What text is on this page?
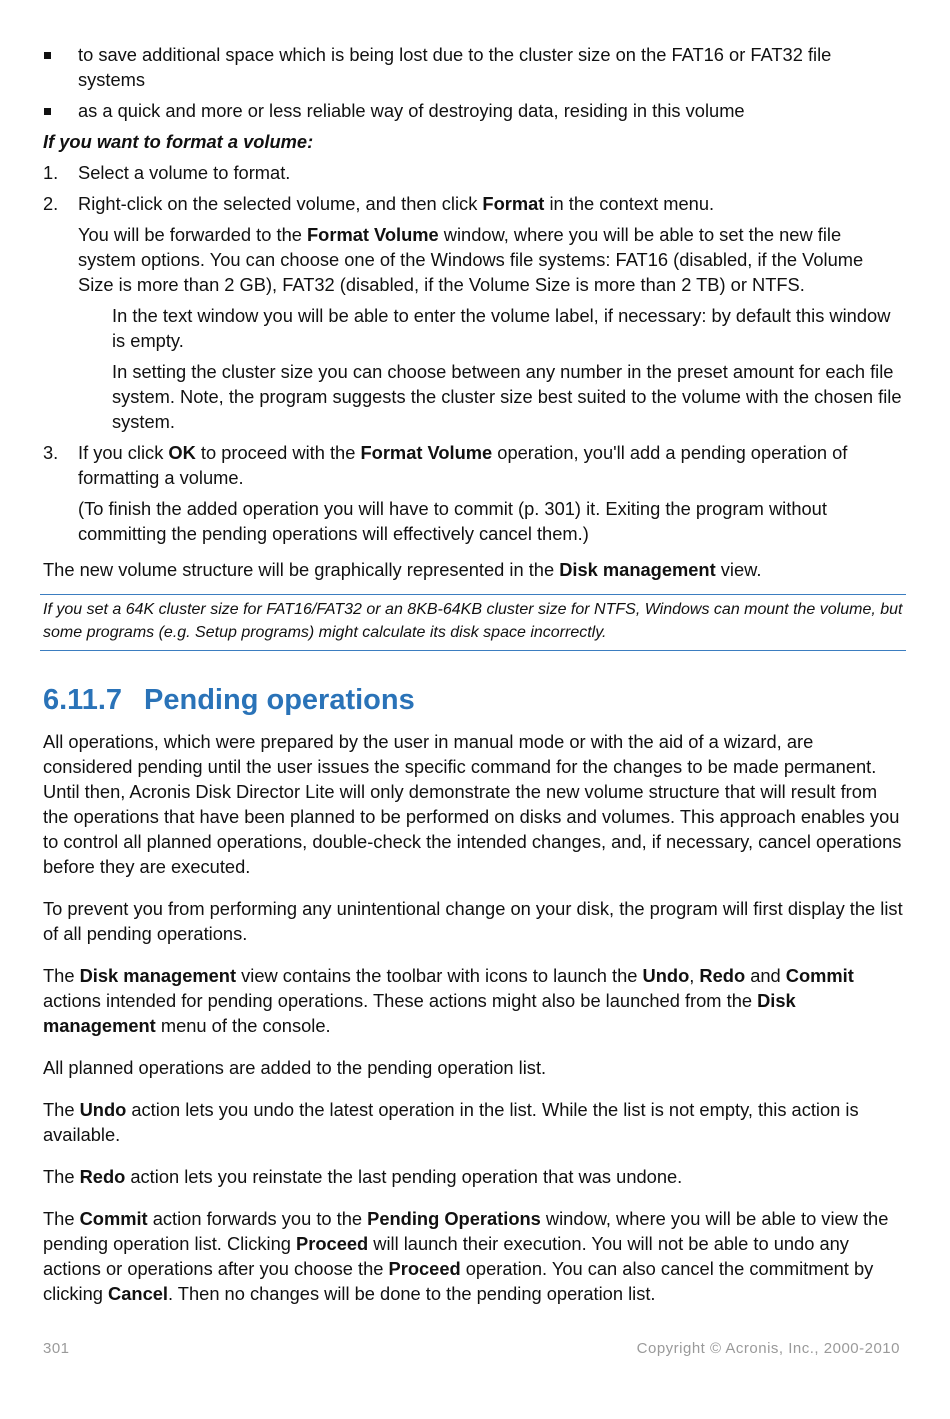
to save additional space which is being lost due to the cluster size on the FAT16 or FAT32 file systems
as a quick and more or less reliable way of destroying data, residing in this volume

If you want to format a volume:

1. Select a volume to format.
2. Right-click on the selected volume, and then click Format in the context menu.

You will be forwarded to the Format Volume window, where you will be able to set the new file system options. You can choose one of the Windows file systems: FAT16 (disabled, if the Volume Size is more than 2 GB), FAT32 (disabled, if the Volume Size is more than 2 TB) or NTFS.

In the text window you will be able to enter the volume label, if necessary: by default this window is empty.

In setting the cluster size you can choose between any number in the preset amount for each file system. Note, the program suggests the cluster size best suited to the volume with the chosen file system.

3. If you click OK to proceed with the Format Volume operation, you'll add a pending operation of formatting a volume.

(To finish the added operation you will have to commit (p. 301) it. Exiting the program without committing the pending operations will effectively cancel them.)

The new volume structure will be graphically represented in the Disk management view.

If you set a 64K cluster size for FAT16/FAT32 or an 8KB-64KB cluster size for NTFS, Windows can mount the volume, but some programs (e.g. Setup programs) might calculate its disk space incorrectly.
6.11.7 Pending operations

All operations, which were prepared by the user in manual mode or with the aid of a wizard, are considered pending until the user issues the specific command for the changes to be made permanent. Until then, Acronis Disk Director Lite will only demonstrate the new volume structure that will result from the operations that have been planned to be performed on disks and volumes. This approach enables you to control all planned operations, double-check the intended changes, and, if necessary, cancel operations before they are executed.

To prevent you from performing any unintentional change on your disk, the program will first display the list of all pending operations.

The Disk management view contains the toolbar with icons to launch the Undo, Redo and Commit actions intended for pending operations. These actions might also be launched from the Disk management menu of the console.

All planned operations are added to the pending operation list.

The Undo action lets you undo the latest operation in the list. While the list is not empty, this action is available.

The Redo action lets you reinstate the last pending operation that was undone.

The Commit action forwards you to the Pending Operations window, where you will be able to view the pending operation list. Clicking Proceed will launch their execution. You will not be able to undo any actions or operations after you choose the Proceed operation. You can also cancel the commitment by clicking Cancel. Then no changes will be done to the pending operation list.

301	Copyright © Acronis, Inc., 2000-2010
